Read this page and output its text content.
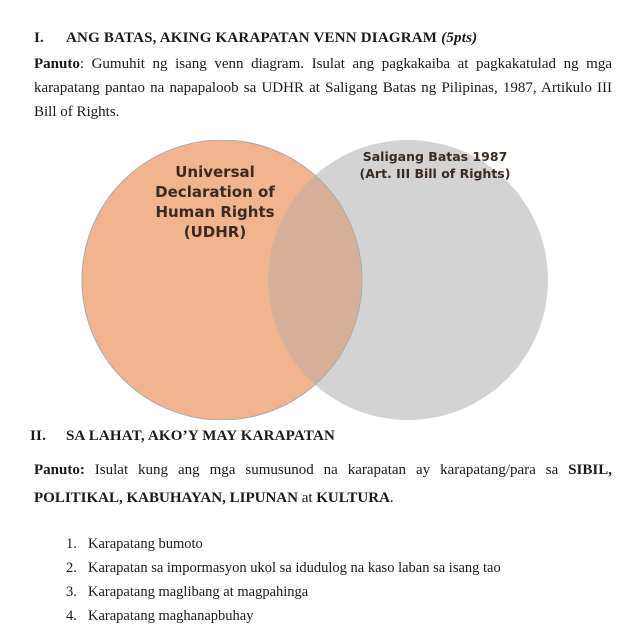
I. ANG BATAS, AKING KARAPATAN VENN DIAGRAM (5pts)
Panuto: Gumuhit ng isang venn diagram. Isulat ang pagkakaiba at pagkakatulad ng mga karapatang pantao na napapaloob sa UDHR at Saligang Batas ng Pilipinas, 1987, Artikulo III Bill of Rights.
Universal
Declaration of
Human Rights
(UDHR)
Saligang Batas 1987
(Art. III Bill of Rights)
II. SA LAHAT, AKO’Y MAY KARAPATAN
Panuto: Isulat kung ang mga sumusunod na karapatan ay karapatang/para sa SIBIL, POLITIKAL, KABUHAYAN, LIPUNAN at KULTURA.
1. Karapatang bumoto
2. Karapatan sa impormasyon ukol sa idudulog na kaso laban sa isang tao
3. Karapatang maglibang at magpahinga
4. Karapatang maghanapbuhay
